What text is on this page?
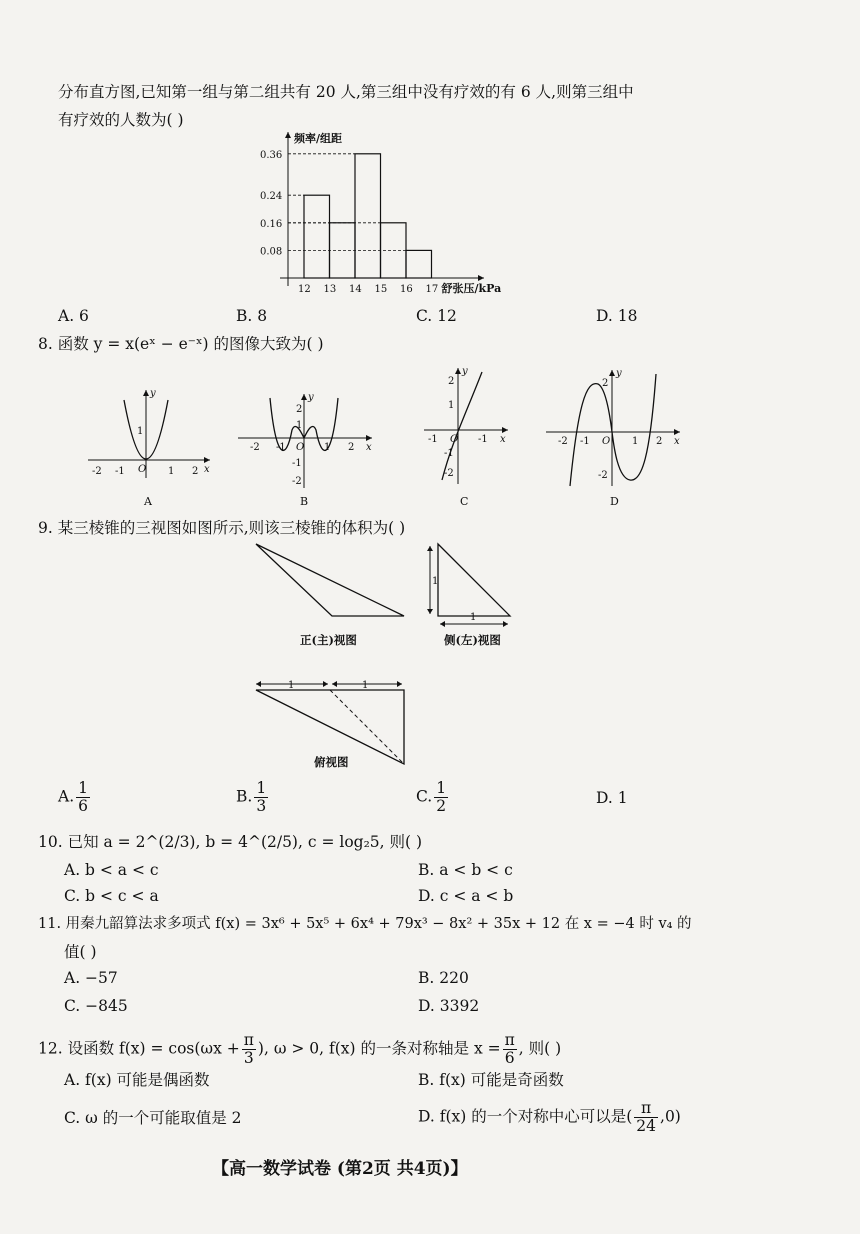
分布直方图,已知第一组与第二组共有 20 人,第三组中没有疗效的有 6 人,则第三组中
有疗效的人数为( )
频率/组距
舒张压/kPa
0.08
0.16
0.24
0.36
12 13 14 15 16 17
A. 6	B. 8	C. 12	D. 18
8. 函数 y = x(eˣ − e⁻ˣ) 的图像大致为( )
y
x
O
-2 -1	1 2
1
A
y
x
O
-2 -1	1 2
2
1
-1
-2
B
y
x
O
-1	-1
2
1
-1
-2
C
y
x
O
-2 -1	1 2
2
-2
D
9. 某三棱锥的三视图如图所示,则该三棱锥的体积为( )
正(主)视图
1
1
侧(左)视图
1	1
俯视图
A. $\frac{1}{6}$	B. $\frac{1}{3}$	C. $\frac{1}{2}$	D. 1
10. 已知 a = 2^(2/3), b = 4^(2/5), c = log₂5, 则( )
A. b < a < c	B. a < b < c
C. b < c < a	D. c < a < b
11. 用秦九韶算法求多项式 f(x) = 3x⁶ + 5x⁵ + 6x⁴ + 79x³ − 8x² + 35x + 12 在 x = −4 时 v₄ 的
值( )
A. −57	B. 220
C. −845	D. 3392
12. 设函数 $f(x) = \cos(\omega x + \frac{\pi}{3}$ ), ω > 0, f(x) 的一条对称轴是 $x = \frac{\pi}{6}$ , 则( )
A. f(x) 可能是偶函数	B. f(x) 可能是奇函数
C. ω 的一个可能取值是 2	D. f(x) 的一个对称中心可以是( $\frac{\pi}{24} ,0$)
【高一数学试卷 (第2页 共4页)】
